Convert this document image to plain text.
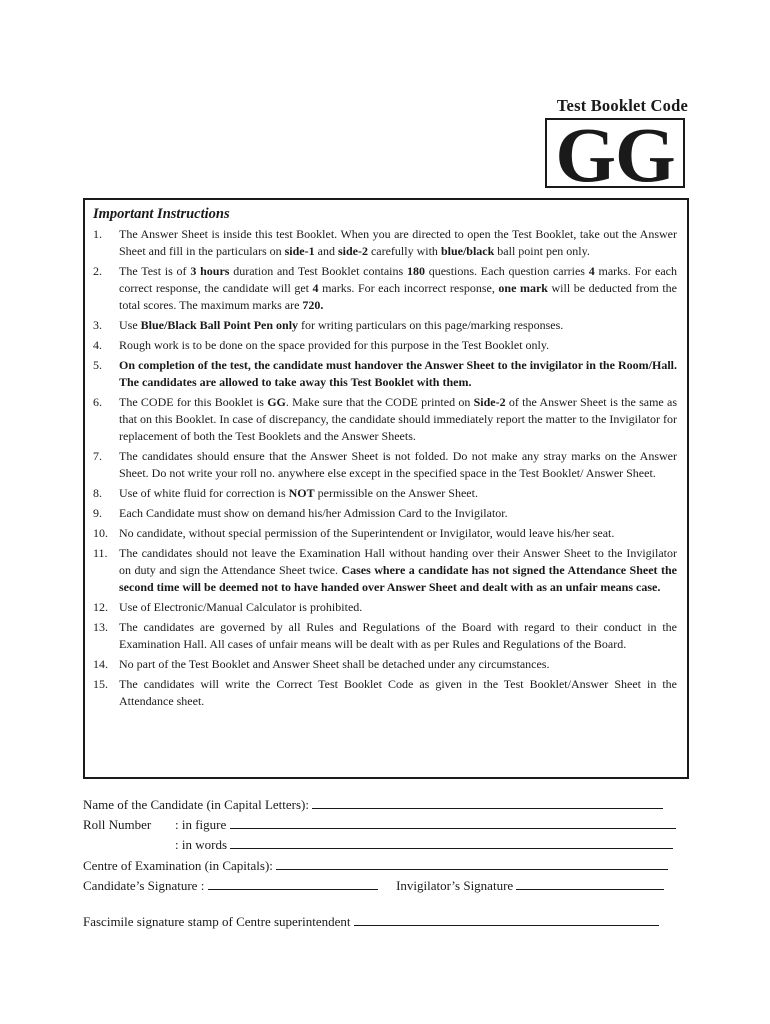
Test Booklet Code
GG
Important Instructions
1.	The Answer Sheet is inside this test Booklet. When you are directed to open the Test Booklet, take out the Answer Sheet and fill in the particulars on side-1 and side-2 carefully with blue/black ball point pen only.
2.	The Test is of 3 hours duration and Test Booklet contains 180 questions. Each question carries 4 marks. For each correct response, the candidate will get 4 marks. For each incorrect response, one mark will be deducted from the total scores. The maximum marks are 720.
3.	Use Blue/Black Ball Point Pen only for writing particulars on this page/marking responses.
4.	Rough work is to be done on the space provided for this purpose in the Test Booklet only.
5.	On completion of the test, the candidate must handover the Answer Sheet to the invigilator in the Room/Hall. The candidates are allowed to take away this Test Booklet with them.
6.	The CODE for this Booklet is GG. Make sure that the CODE printed on Side-2 of the Answer Sheet is the same as that on this Booklet. In case of discrepancy, the candidate should immediately report the matter to the Invigilator for replacement of both the Test Booklets and the Answer Sheets.
7.	The candidates should ensure that the Answer Sheet is not folded. Do not make any stray marks on the Answer Sheet. Do not write your roll no. anywhere else except in the specified space in the Test Booklet/ Answer Sheet.
8.	Use of white fluid for correction is NOT permissible on the Answer Sheet.
9.	Each Candidate must show on demand his/her Admission Card to the Invigilator.
10. No candidate, without special permission of the Superintendent or Invigilator, would leave his/her seat.
11. The candidates should not leave the Examination Hall without handing over their Answer Sheet to the Invigilator on duty and sign the Attendance Sheet twice. Cases where a candidate has not signed the Attendance Sheet the second time will be deemed not to have handed over Answer Sheet and dealt with as an unfair means case.
12. Use of Electronic/Manual Calculator is prohibited.
13. The candidates are governed by all Rules and Regulations of the Board with regard to their conduct in the Examination Hall. All cases of unfair means will be dealt with as per Rules and Regulations of the Board.
14. No part of the Test Booklet and Answer Sheet shall be detached under any circumstances.
15. The candidates will write the Correct Test Booklet Code as given in the Test Booklet/Answer Sheet in the Attendance sheet.
Name of the Candidate (in Capital Letters):
Roll Number : in figure
: in words
Centre of Examination (in Capitals):
Candidate’s Signature :	Invigilator’s Signature
Fascimile signature stamp of Centre superintendent
